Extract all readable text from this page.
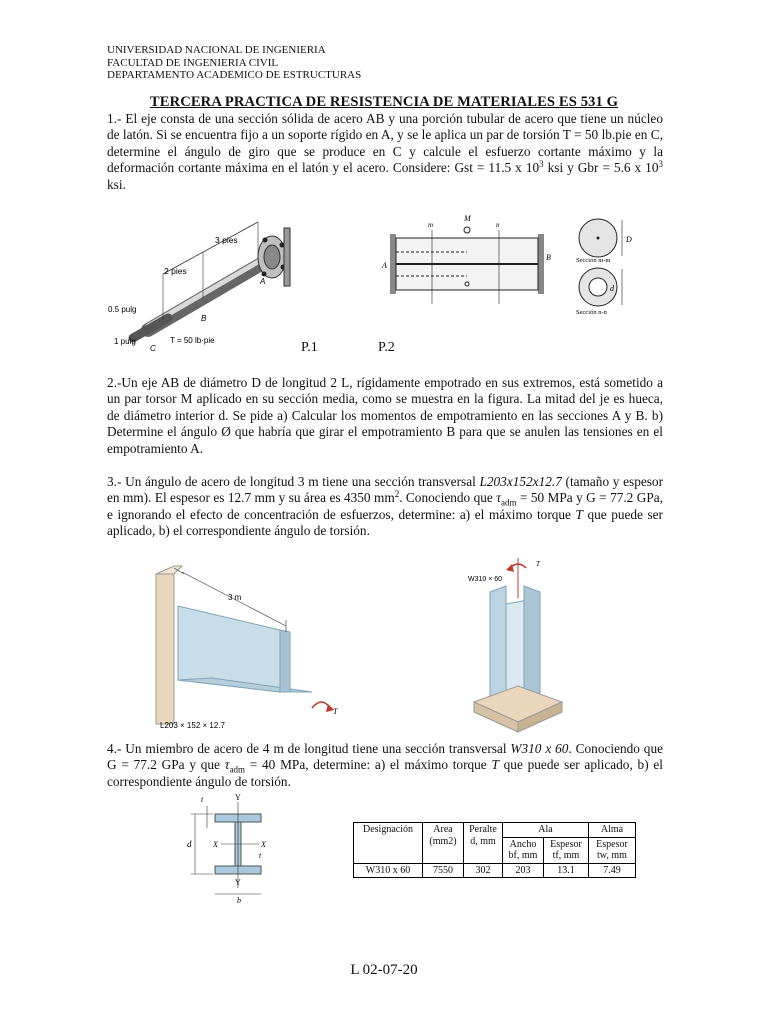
UNIVERSIDAD NACIONAL DE INGENIERIA
FACULTAD DE INGENIERIA CIVIL
DEPARTAMENTO ACADEMICO DE ESTRUCTURAS
TERCERA PRACTICA DE RESISTENCIA DE MATERIALES ES 531 G
1.- El eje consta de una sección sólida de acero AB y una porción tubular de acero que tiene un núcleo de latón. Si se encuentra fijo a un soporte rígido en A, y se le aplica un par de torsión T = 50 lb.pie en C, determine el ángulo de giro que se produce en C y calcule el esfuerzo cortante máximo y la deformación cortante máxima en el latón y el acero. Considere: Gst = 11.5 x $10^3$ ksi y Gbr = 5.6 x $10^3$ ksi.
3 pies
2 pies
0.5 pulg
1 pulg	T = 50 lb·pie
A
B
C	P.1
M
A
B
m	n
D
d
Sección m-m
Sección n-n
P.2
2.-Un eje AB de diámetro D de longitud 2 L, rígidamente empotrado en sus extremos, está sometido a un par torsor M aplicado en su sección media, como se muestra en la figura. La mitad del je es hueca, de diámetro interior d. Se pide a) Calcular los momentos de empotramiento en las secciones A y B. b) Determine el ángulo Ø que habría que girar el empotramiento B para que se anulen las tensiones en el empotramiento A.
3.- Un ángulo de acero de longitud 3 m tiene una sección transversal L203x152x12.7 (tamaño y espesor en mm). El espesor es 12.7 mm y su área es 4350 $mm^2$. Conociendo que $\tau_{adm} = 50$ MPa y G = 77.2 GPa, e ignorando el efecto de concentración de esfuerzos, determine: a) el máximo torque T que puede ser aplicado, b) el correspondiente ángulo de torsión.
3 m
L203 × 152 × 12.7
T
W310 × 60
T
4.- Un miembro de acero de 4 m de longitud tiene una sección transversal W310 x 60. Conociendo que G = 77.2 GPa y que $\tau_{adm} = 40$ MPa, determine: a) el máximo torque T que puede ser aplicado, b) el correspondiente ángulo de torsión.
t	Y
Y
X	X
d
t
b
Designación	Area (mm2)	Peralte d, mm	Ala		Alma
			Ancho bf, mm	Espesor tf, mm	Espesor tw, mm
W310 x 60	7550	302	203	13.1	7.49
L 02-07-20
